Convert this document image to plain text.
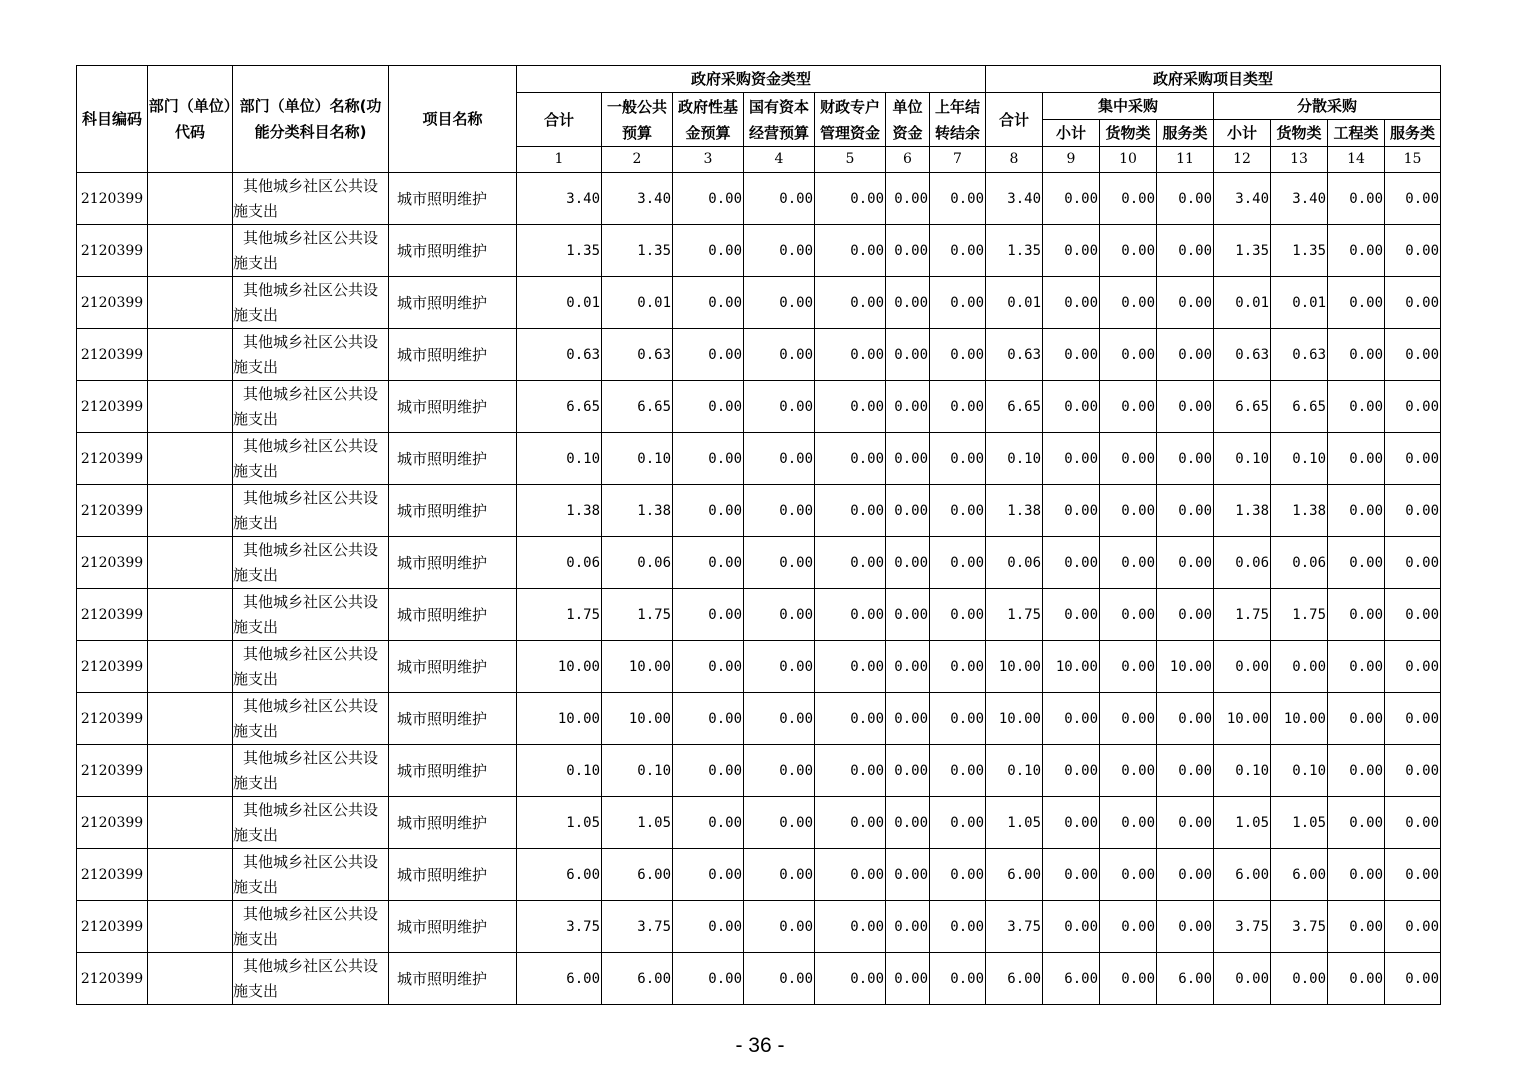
科目编码	部门（单位）代码	部门（单位）名称(功能分类科目名称)	项目名称	政府采购资金类型							政府采购项目类型							
				合计	一般公共预算	政府性基金预算	国有资本经营预算	财政专户管理资金	单位资金	上年结转结余	合计	集中采购			分散采购			
												小计	货物类	服务类	小计	货物类	工程类	服务类
				1	2	3	4	5	6	7	8	9	10	11	12	13	14	15
2120399		其他城乡社区公共设
施支出	城市照明维护	3.40	3.40	0.00	0.00	0.00	0.00	0.00	3.40	0.00	0.00	0.00	3.40	3.40	0.00	0.00
2120399		其他城乡社区公共设
施支出	城市照明维护	1.35	1.35	0.00	0.00	0.00	0.00	0.00	1.35	0.00	0.00	0.00	1.35	1.35	0.00	0.00
2120399		其他城乡社区公共设
施支出	城市照明维护	0.01	0.01	0.00	0.00	0.00	0.00	0.00	0.01	0.00	0.00	0.00	0.01	0.01	0.00	0.00
2120399		其他城乡社区公共设
施支出	城市照明维护	0.63	0.63	0.00	0.00	0.00	0.00	0.00	0.63	0.00	0.00	0.00	0.63	0.63	0.00	0.00
2120399		其他城乡社区公共设
施支出	城市照明维护	6.65	6.65	0.00	0.00	0.00	0.00	0.00	6.65	0.00	0.00	0.00	6.65	6.65	0.00	0.00
2120399		其他城乡社区公共设
施支出	城市照明维护	0.10	0.10	0.00	0.00	0.00	0.00	0.00	0.10	0.00	0.00	0.00	0.10	0.10	0.00	0.00
2120399		其他城乡社区公共设
施支出	城市照明维护	1.38	1.38	0.00	0.00	0.00	0.00	0.00	1.38	0.00	0.00	0.00	1.38	1.38	0.00	0.00
2120399		其他城乡社区公共设
施支出	城市照明维护	0.06	0.06	0.00	0.00	0.00	0.00	0.00	0.06	0.00	0.00	0.00	0.06	0.06	0.00	0.00
2120399		其他城乡社区公共设
施支出	城市照明维护	1.75	1.75	0.00	0.00	0.00	0.00	0.00	1.75	0.00	0.00	0.00	1.75	1.75	0.00	0.00
2120399		其他城乡社区公共设
施支出	城市照明维护	10.00	10.00	0.00	0.00	0.00	0.00	0.00	10.00	10.00	0.00	10.00	0.00	0.00	0.00	0.00
2120399		其他城乡社区公共设
施支出	城市照明维护	10.00	10.00	0.00	0.00	0.00	0.00	0.00	10.00	0.00	0.00	0.00	10.00	10.00	0.00	0.00
2120399		其他城乡社区公共设
施支出	城市照明维护	0.10	0.10	0.00	0.00	0.00	0.00	0.00	0.10	0.00	0.00	0.00	0.10	0.10	0.00	0.00
2120399		其他城乡社区公共设
施支出	城市照明维护	1.05	1.05	0.00	0.00	0.00	0.00	0.00	1.05	0.00	0.00	0.00	1.05	1.05	0.00	0.00
2120399		其他城乡社区公共设
施支出	城市照明维护	6.00	6.00	0.00	0.00	0.00	0.00	0.00	6.00	0.00	0.00	0.00	6.00	6.00	0.00	0.00
2120399		其他城乡社区公共设
施支出	城市照明维护	3.75	3.75	0.00	0.00	0.00	0.00	0.00	3.75	0.00	0.00	0.00	3.75	3.75	0.00	0.00
2120399		其他城乡社区公共设
施支出	城市照明维护	6.00	6.00	0.00	0.00	0.00	0.00	0.00	6.00	6.00	0.00	6.00	0.00	0.00	0.00	0.00
- 36 -
